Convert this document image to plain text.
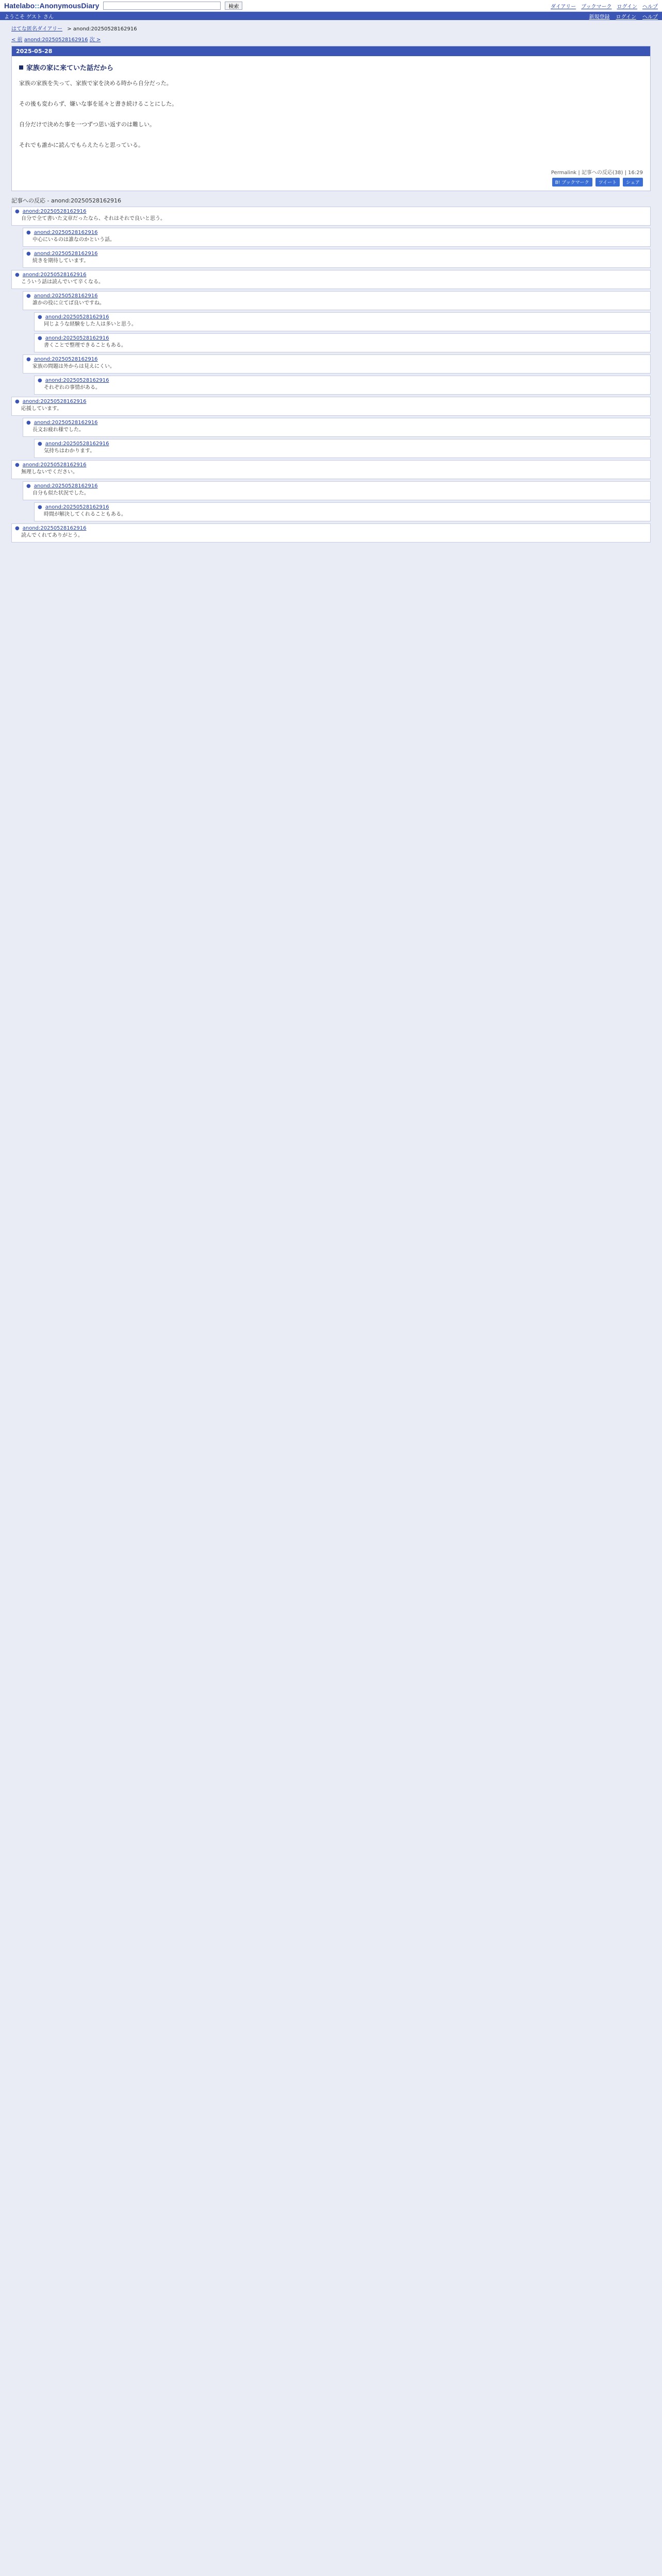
Hatelabo::AnonymousDiary	検索	ダイアリー ブックマーク ログイン ヘルプ
ようこそ ゲスト さん	新規登録 ログイン ヘルプ
はてな匿名ダイアリー > anond:20250528162916
< 前 anond:20250528162916 次 >
2025-05-28
家族の家に来ていた話だから

家族の家族を失って、家族で家を決める時から自分だった。

その後も変わらず、嫌いな事を延々と書き続けることにした。

自分だけで決めた事を一つずつ思い返すのは難しい。

それでも誰かに読んでもらえたらと思っている。

Permalink | 記事への反応(38) | 16:29
B! ブックマーク	ツイート	シェア
記事への反応 - anond:20250528162916
● anond:20250528162916
自分で全て書いた文章だったなら、それはそれで良いと思う。
● anond:20250528162916
中心にいるのは誰なのかという話。
● anond:20250528162916
続きを期待しています。
● anond:20250528162916
こういう話は読んでいて辛くなる。
● anond:20250528162916
誰かの役に立てば良いですね。
● anond:20250528162916
同じような経験をした人は多いと思う。
● anond:20250528162916
書くことで整理できることもある。
● anond:20250528162916
家族の問題は外からは見えにくい。
● anond:20250528162916
それぞれの事情がある。
● anond:20250528162916
応援しています。
● anond:20250528162916
長文お疲れ様でした。
● anond:20250528162916
気持ちはわかります。
● anond:20250528162916
無理しないでください。
● anond:20250528162916
自分も似た状況でした。
● anond:20250528162916
時間が解決してくれることもある。
● anond:20250528162916
読んでくれてありがとう。
